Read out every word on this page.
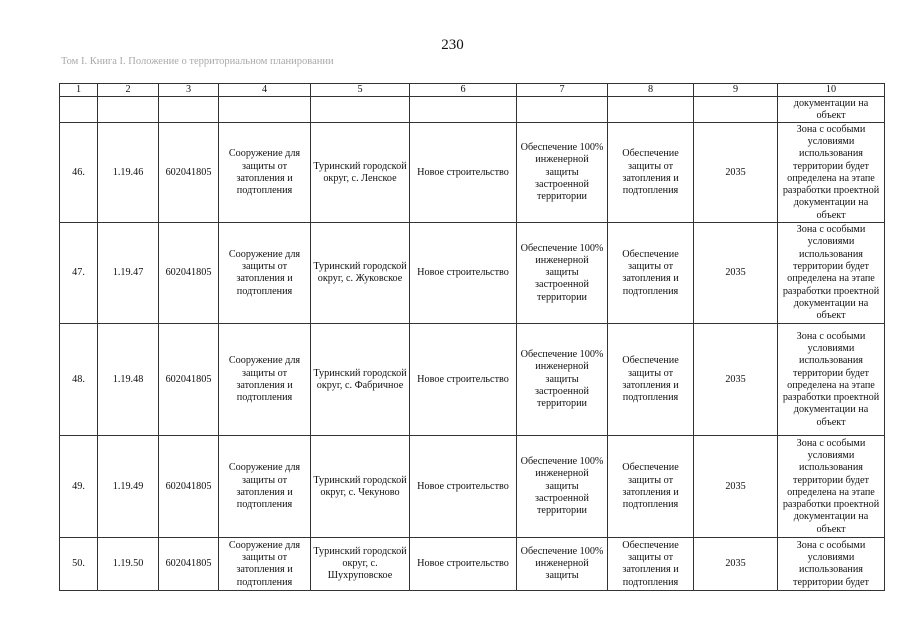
230
Том I. Книга I. Положение о территориальном планировании
1	2	3	4	5	6	7	8	9	10
									документации на объект
46.	1.19.46	602041805	Сооружение для защиты от затопления и подтопления	Туринский городской округ, с. Ленское	Новое строительство	Обеспечение 100% инженерной защиты застроенной территории	Обеспечение защиты от затопления и подтопления	2035	Зона с особыми условиями использования территории будет определена на этапе разработки проектной документации на объект
47.	1.19.47	602041805	Сооружение для защиты от затопления и подтопления	Туринский городской округ, с. Жуковское	Новое строительство	Обеспечение 100% инженерной защиты застроенной территории	Обеспечение защиты от затопления и подтопления	2035	Зона с особыми условиями использования территории будет определена на этапе разработки проектной документации на объект
48.	1.19.48	602041805	Сооружение для защиты от затопления и подтопления	Туринский городской округ, с. Фабричное	Новое строительство	Обеспечение 100% инженерной защиты застроенной территории	Обеспечение защиты от затопления и подтопления	2035	Зона с особыми условиями использования территории будет определена на этапе разработки проектной документации на объект
49.	1.19.49	602041805	Сооружение для защиты от затопления и подтопления	Туринский городской округ, с. Чекуново	Новое строительство	Обеспечение 100% инженерной защиты застроенной территории	Обеспечение защиты от затопления и подтопления	2035	Зона с особыми условиями использования территории будет определена на этапе разработки проектной документации на объект
50.	1.19.50	602041805	Сооружение для защиты от затопления и подтопления	Туринский городской округ, с. Шухруповское	Новое строительство	Обеспечение 100% инженерной защиты	Обеспечение защиты от затопления и подтопления	2035	Зона с особыми условиями использования территории будет
